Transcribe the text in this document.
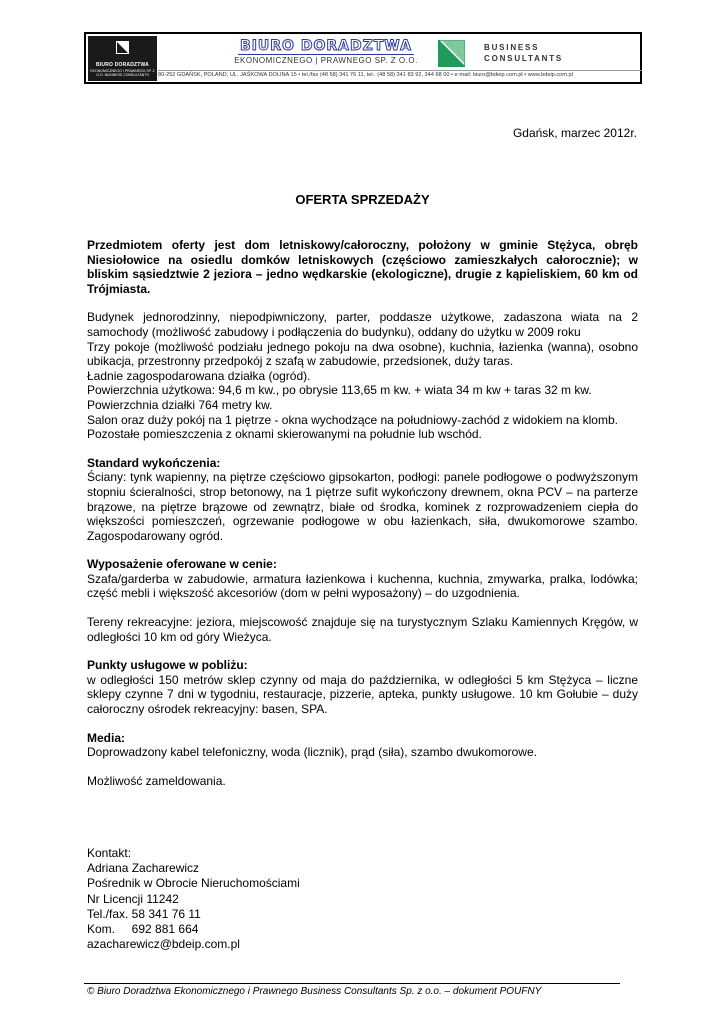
BIURO DORADZTWA
EKONOMICZNEGO I PRAWNEGO SP. Z O.O. BUSINESS CONSULTANTS
BIURO DORADZTWA
EKONOMICZNEGO | PRAWNEGO SP. Z O.O.
BUSINESS
CONSULTANTS
80-252 GDAŃSK, POLAND, UL. JAŚKOWA DOLINA 15 • tel./fax (48 58) 341 76 11, tel.: (48 58) 341 83 92, 344 68 00 • e-mail: biuro@bdeip.com.pl • www.bdeip.com.pl
Gdańsk, marzec 2012r.
OFERTA SPRZEDAŻY

Przedmiotem oferty jest dom letniskowy/całoroczny, położony w gminie Stężyca, obręb Niesiołowice na osiedlu domków letniskowych (częściowo zamieszkałych całorocznie); w bliskim sąsiedztwie 2 jeziora – jedno wędkarskie (ekologiczne), drugie z kąpieliskiem, 60 km od Trójmiasta.

Budynek jednorodzinny, niepodpiwniczony, parter, poddasze użytkowe, zadaszona wiata na 2 samochody (możliwość zabudowy i podłączenia do budynku), oddany do użytku w 2009 roku

Trzy pokoje (możliwość podziału jednego pokoju na dwa osobne), kuchnia, łazienka (wanna), osobno ubikacja, przestronny przedpokój z szafą w zabudowie, przedsionek, duży taras.

Ładnie zagospodarowana działka (ogród).

Powierzchnia użytkowa: 94,6 m kw., po obrysie 113,65 m kw. + wiata 34 m kw + taras 32 m kw.

Powierzchnia działki 764 metry kw.

Salon oraz duży pokój na 1 piętrze - okna wychodzące na południowy-zachód z widokiem na klomb.

Pozostałe pomieszczenia z oknami skierowanymi na południe lub wschód.

Standard wykończenia:

Ściany: tynk wapienny, na piętrze częściowo gipsokarton, podłogi: panele podłogowe o podwyższonym stopniu ścieralności, strop betonowy, na 1 piętrze sufit wykończony drewnem, okna PCV – na parterze brązowe, na piętrze brązowe od zewnątrz, białe od środka, kominek z rozprowadzeniem ciepła do większości pomieszczeń, ogrzewanie podłogowe w obu łazienkach, siła, dwukomorowe szambo. Zagospodarowany ogród.

Wyposażenie oferowane w cenie:

Szafa/garderba w zabudowie, armatura łazienkowa i kuchenna, kuchnia, zmywarka, pralka, lodówka; część mebli i większość akcesoriów (dom w pełni wyposażony) – do uzgodnienia.

Tereny rekreacyjne: jeziora, miejscowość znajduje się na turystycznym Szlaku Kamiennych Kręgów, w odległości 10 km od góry Wieżyca.

Punkty usługowe w pobliżu:

w odległości 150 metrów sklep czynny od maja do października, w odległości 5 km Stężyca – liczne sklepy czynne 7 dni w tygodniu, restauracje, pizzerie, apteka, punkty usługowe. 10 km Gołubie – duży całoroczny ośrodek rekreacyjny: basen, SPA.

Media:

Doprowadzony kabel telefoniczny, woda (licznik), prąd (siła), szambo dwukomorowe.

Możliwość zameldowania.

Kontakt:
Adriana Zacharewicz
Pośrednik w Obrocie Nieruchomościami
Nr Licencji 11242
Tel./fax. 58 341 76 11
Kom.     692 881 664
azacharewicz@bdeip.com.pl
© Biuro Doradztwa Ekonomicznego i Prawnego Business Consultants Sp. z o.o. – dokument POUFNY
